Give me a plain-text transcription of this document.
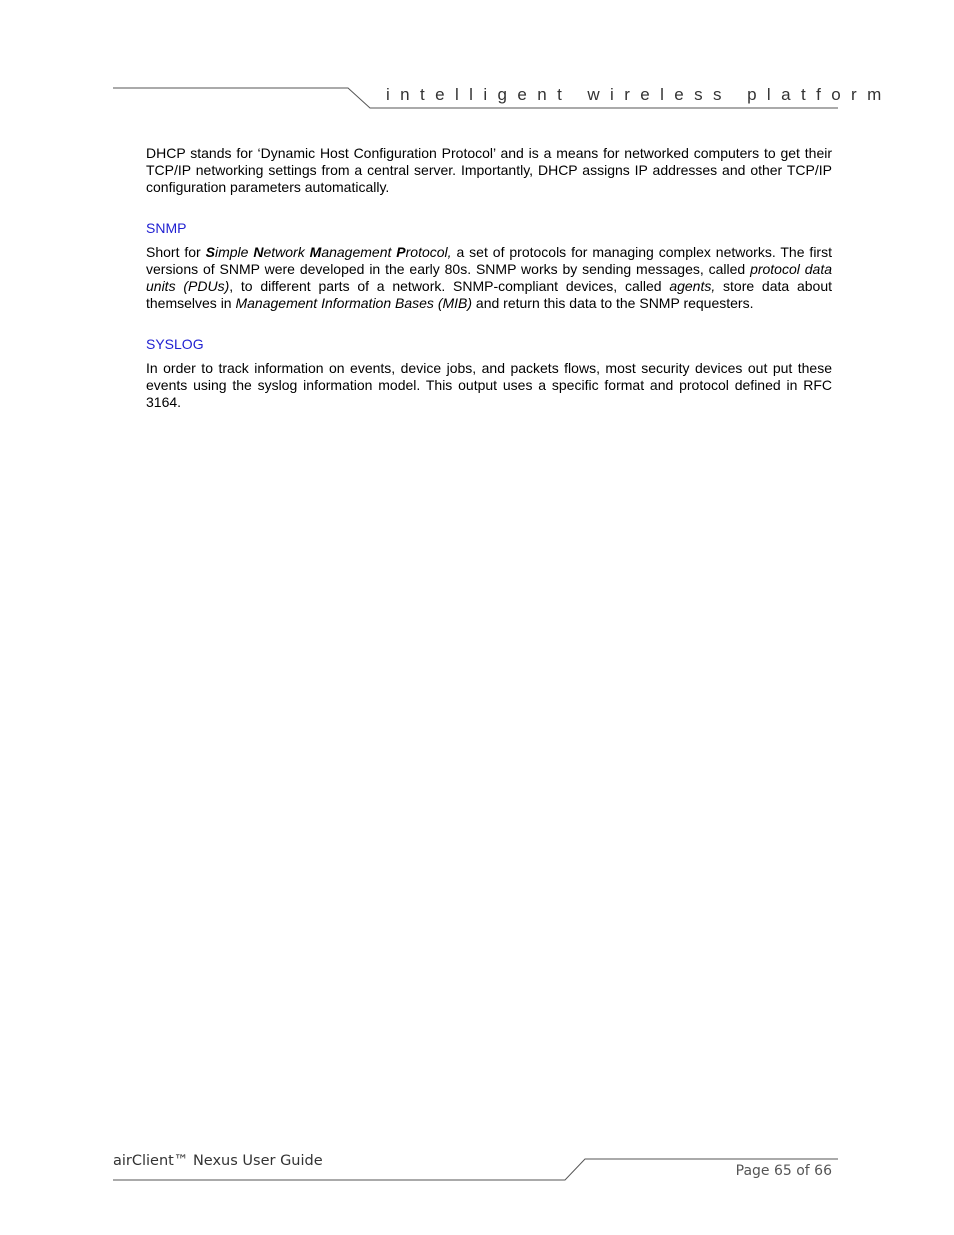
intelligent wireless platform

DHCP stands for ‘Dynamic Host Configuration Protocol’ and is a means for networked computers to get their TCP/IP networking settings from a central server. Importantly, DHCP assigns IP addresses and other TCP/IP configuration parameters automatically.

SNMP

Short for Simple Network Management Protocol, a set of protocols for managing complex networks. The first versions of SNMP were developed in the early 80s. SNMP works by sending messages, called protocol data units (PDUs), to different parts of a network. SNMP-compliant devices, called agents, store data about themselves in Management Information Bases (MIB) and return this data to the SNMP requesters.

SYSLOG

In order to track information on events, device jobs, and packets flows, most security devices out put these events using the syslog information model. This output uses a specific format and protocol defined in RFC 3164.

airClient™ Nexus User Guide
Page 65 of 66
